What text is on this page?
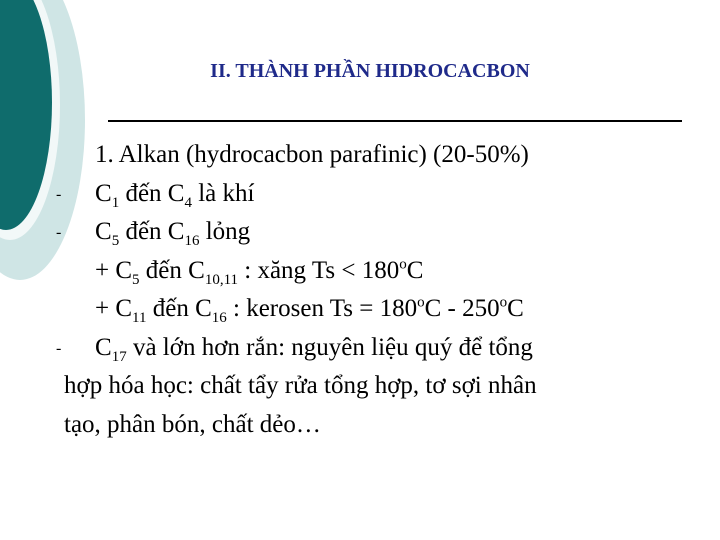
II. THÀNH PHẦN HIDROCACBON
1. Alkan (hydrocacbon parafinic) (20-50%)
- $C_1$ đến $C_4$ là khí
- $C_5$ đến $C_{16}$ lỏng
+ $C_5$ đến $C_{10,11}$ : xăng $Ts < 180^oC$
+ $C_{11}$ đến $C_{16}$ : kerosen $Ts = 180^oC - 250^oC$
- $C_{17}$ và lớn hơn rắn: nguyên liệu quý để tổng
hợp hóa học: chất tẩy rửa tổng hợp, tơ sợi nhân
tạo, phân bón, chất dẻo…
